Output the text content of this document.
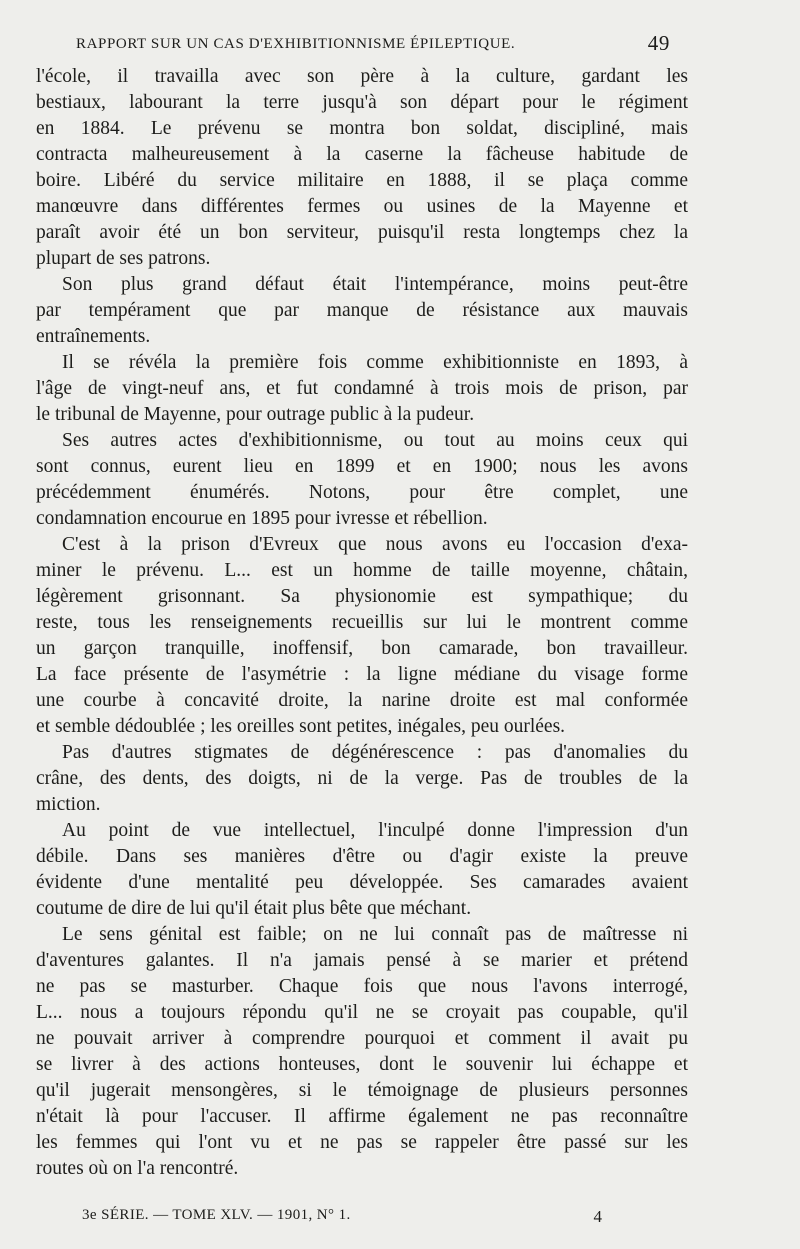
RAPPORT SUR UN CAS D'EXHIBITIONNISME ÉPILEPTIQUE.	49
l'école, il travailla avec son père à la culture, gardant les
bestiaux, labourant la terre jusqu'à son départ pour le régiment
en 1884. Le prévenu se montra bon soldat, discipliné, mais
contracta malheureusement à la caserne la fâcheuse habitude de
boire. Libéré du service militaire en 1888, il se plaça comme
manœuvre dans différentes fermes ou usines de la Mayenne et
paraît avoir été un bon serviteur, puisqu'il resta longtemps chez la
plupart de ses patrons.
Son plus grand défaut était l'intempérance, moins peut-être
par tempérament que par manque de résistance aux mauvais
entraînements.
Il se révéla la première fois comme exhibitionniste en 1893, à
l'âge de vingt-neuf ans, et fut condamné à trois mois de prison, par
le tribunal de Mayenne, pour outrage public à la pudeur.
Ses autres actes d'exhibitionnisme, ou tout au moins ceux qui
sont connus, eurent lieu en 1899 et en 1900; nous les avons
précédemment énumérés. Notons, pour être complet, une
condamnation encourue en 1895 pour ivresse et rébellion.
C'est à la prison d'Evreux que nous avons eu l'occasion d'exa-
miner le prévenu. L... est un homme de taille moyenne, châtain,
légèrement grisonnant. Sa physionomie est sympathique; du
reste, tous les renseignements recueillis sur lui le montrent comme
un garçon tranquille, inoffensif, bon camarade, bon travailleur.
La face présente de l'asymétrie : la ligne médiane du visage forme
une courbe à concavité droite, la narine droite est mal conformée
et semble dédoublée ; les oreilles sont petites, inégales, peu ourlées.
Pas d'autres stigmates de dégénérescence : pas d'anomalies du
crâne, des dents, des doigts, ni de la verge. Pas de troubles de la
miction.
Au point de vue intellectuel, l'inculpé donne l'impression d'un
débile. Dans ses manières d'être ou d'agir existe la preuve
évidente d'une mentalité peu développée. Ses camarades avaient
coutume de dire de lui qu'il était plus bête que méchant.
Le sens génital est faible; on ne lui connaît pas de maîtresse ni
d'aventures galantes. Il n'a jamais pensé à se marier et prétend
ne pas se masturber. Chaque fois que nous l'avons interrogé,
L... nous a toujours répondu qu'il ne se croyait pas coupable, qu'il
ne pouvait arriver à comprendre pourquoi et comment il avait pu
se livrer à des actions honteuses, dont le souvenir lui échappe et
qu'il jugerait mensongères, si le témoignage de plusieurs personnes
n'était là pour l'accuser. Il affirme également ne pas reconnaître
les femmes qui l'ont vu et ne pas se rappeler être passé sur les
routes où on l'a rencontré.
3e SÉRIE. — TOME XLV. — 1901, N° 1.	4
